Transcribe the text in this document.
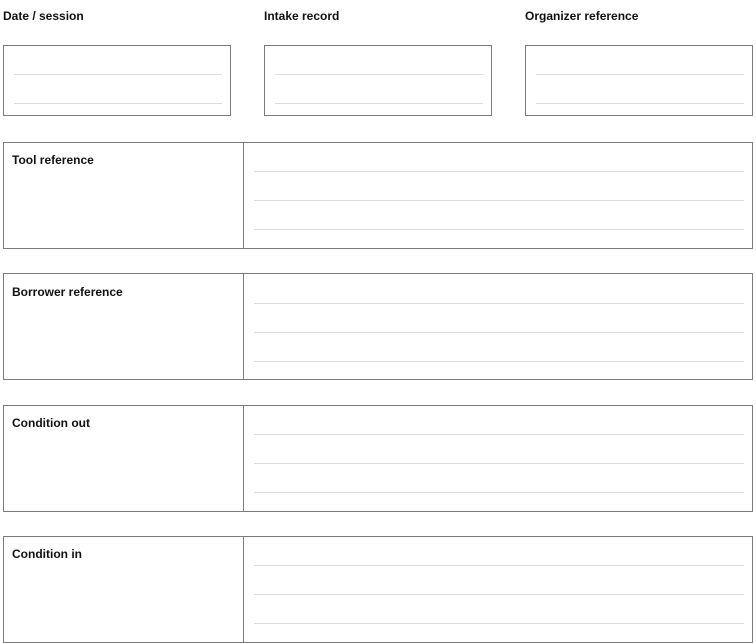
Date / session	Intake record	Organizer reference
Tool reference
Borrower reference
Condition out
Condition in
